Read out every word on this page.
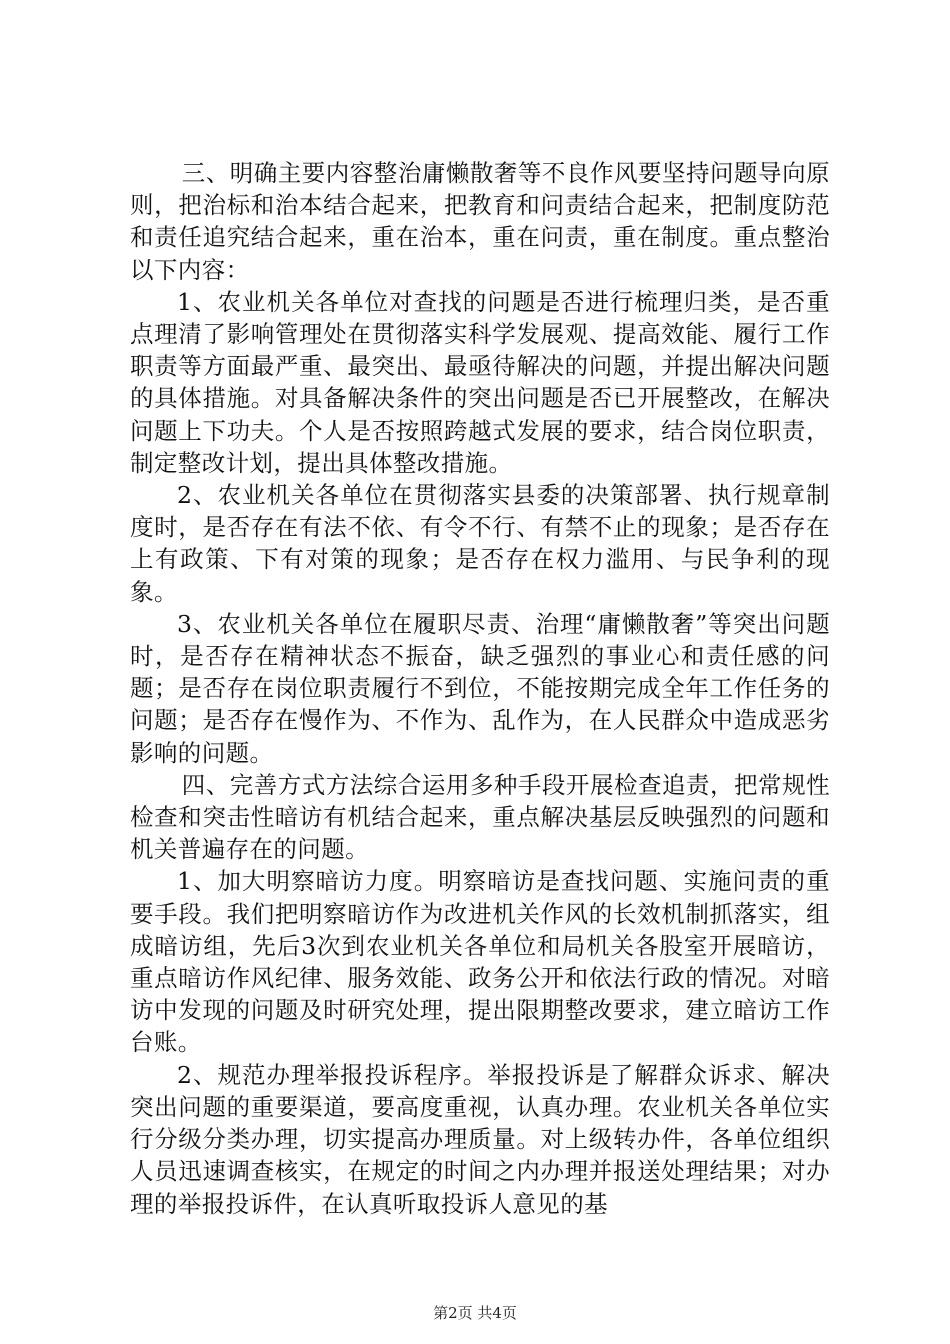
三、明确主要内容整治庸懒散奢等不良作风要坚持问题导向原则，把治标和治本结合起来，把教育和问责结合起来，把制度防范和责任追究结合起来，重在治本，重在问责，重在制度。重点整治以下内容：

1、农业机关各单位对查找的问题是否进行梳理归类，是否重点理清了影响管理处在贯彻落实科学发展观、提高效能、履行工作职责等方面最严重、最突出、最亟待解决的问题，并提出解决问题的具体措施。对具备解决条件的突出问题是否已开展整改，在解决问题上下功夫。个人是否按照跨越式发展的要求，结合岗位职责，制定整改计划，提出具体整改措施。

2、农业机关各单位在贯彻落实县委的决策部署、执行规章制度时，是否存在有法不依、有令不行、有禁不止的现象；是否存在上有政策、下有对策的现象；是否存在权力滥用、与民争利的现象。

3、农业机关各单位在履职尽责、治理“庸懒散奢”等突出问题时，是否存在精神状态不振奋，缺乏强烈的事业心和责任感的问题；是否存在岗位职责履行不到位，不能按期完成全年工作任务的问题；是否存在慢作为、不作为、乱作为，在人民群众中造成恶劣影响的问题。

四、完善方式方法综合运用多种手段开展检查追责，把常规性检查和突击性暗访有机结合起来，重点解决基层反映强烈的问题和机关普遍存在的问题。

1、加大明察暗访力度。明察暗访是查找问题、实施问责的重要手段。我们把明察暗访作为改进机关作风的长效机制抓落实，组成暗访组，先后3次到农业机关各单位和局机关各股室开展暗访，重点暗访作风纪律、服务效能、政务公开和依法行政的情况。对暗访中发现的问题及时研究处理，提出限期整改要求，建立暗访工作台账。

2、规范办理举报投诉程序。举报投诉是了解群众诉求、解决突出问题的重要渠道，要高度重视，认真办理。农业机关各单位实行分级分类办理，切实提高办理质量。对上级转办件，各单位组织人员迅速调查核实，在规定的时间之内办理并报送处理结果；对办理的举报投诉件，在认真听取投诉人意见的基

第2页 共4页
